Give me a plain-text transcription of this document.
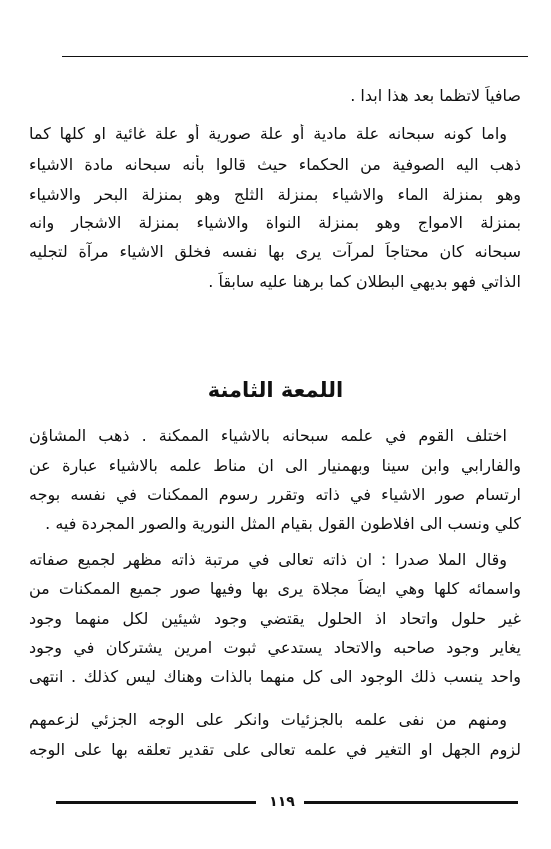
صافياً لاتظما بعد هذا ابدا .
واما كونه سبحانه علة مادية أو علة صورية أو علة غائية او كلها كما
ذهب اليه الصوفية من الحكماء حيث قالوا بأنه سبحانه مادة الاشياء
وهو بمنزلة الماء والاشياء بمنزلة الثلج وهو بمنزلة البحر والاشياء
بمنزلة الامواج وهو بمنزلة النواة والاشياء بمنزلة الاشجار وانه
سبحانه كان محتاجاً لمرآت يرى بها نفسه فخلق الاشياء مرآة لتجليه
الذاتي فهو بديهي البطلان كما برهنا عليه سابقاً .
اللمعة الثامنة
اختلف القوم في علمه سبحانه بالاشياء الممكنة . ذهب المشاؤن
والفارابي وابن سينا وبهمنيار الى ان مناط علمه بالاشياء عبارة عن
ارتسام صور الاشياء في ذاته وتقرر رسوم الممكنات في نفسه بوجه
كلي ونسب الى افلاطون القول بقيام المثل النورية والصور المجردة فيه .
وقال الملا صدرا : ان ذاته تعالى في مرتبة ذاته مظهر لجميع صفاته
واسمائه كلها وهي ايضاً مجلاة يرى بها وفيها صور جميع الممكنات من
غير حلول واتحاد اذ الحلول يقتضي وجود شيئين لكل منهما وجود
يغاير وجود صاحبه والاتحاد يستدعي ثبوت امرين يشتركان في وجود
واحد ينسب ذلك الوجود الى كل منهما بالذات وهناك ليس كذلك . انتهى
ومنهم من نفى علمه بالجزئيات وانكر على الوجه الجزئي لزعمهم
لزوم الجهل او التغير في علمه تعالى على تقدير تعلقه بها على الوجه
١١٩
